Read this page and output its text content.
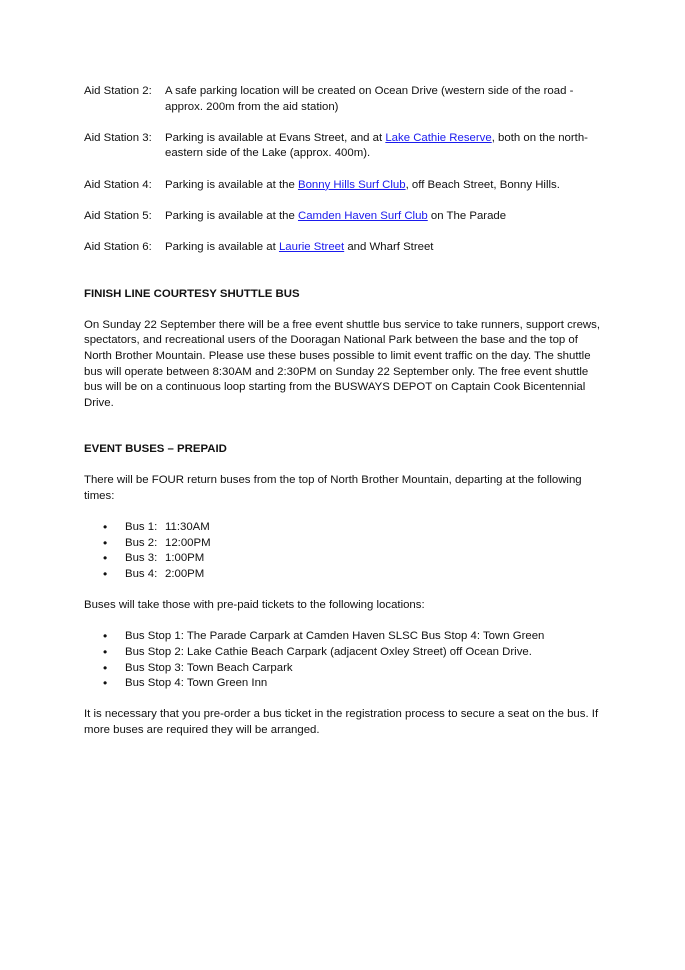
Aid Station 2:	A safe parking location will be created on Ocean Drive (western side of the road - approx. 200m from the aid station)
Aid Station 3:	Parking is available at Evans Street, and at Lake Cathie Reserve, both on the north-eastern side of the Lake (approx. 400m).
Aid Station 4:	Parking is available at the Bonny Hills Surf Club, off Beach Street, Bonny Hills.
Aid Station 5:	Parking is available at the Camden Haven Surf Club on The Parade
Aid Station 6:	Parking is available at Laurie Street and Wharf Street
FINISH LINE COURTESY SHUTTLE BUS

On Sunday 22 September there will be a free event shuttle bus service to take runners, support crews, spectators, and recreational users of the Dooragan National Park between the base and the top of North Brother Mountain. Please use these buses possible to limit event traffic on the day. The shuttle bus will operate between 8:30AM and 2:30PM on Sunday 22 September only. The free event shuttle bus will be on a continuous loop starting from the BUSWAYS DEPOT on Captain Cook Bicentennial Drive.

EVENT BUSES – PREPAID

There will be FOUR return buses from the top of North Brother Mountain, departing at the following times:

• Bus 1: 11:30AM
• Bus 2: 12:00PM
• Bus 3: 1:00PM
• Bus 4: 2:00PM

Buses will take those with pre-paid tickets to the following locations:

• Bus Stop 1: The Parade Carpark at Camden Haven SLSC Bus Stop 4: Town Green
• Bus Stop 2: Lake Cathie Beach Carpark (adjacent Oxley Street) off Ocean Drive.
• Bus Stop 3: Town Beach Carpark
• Bus Stop 4: Town Green Inn

It is necessary that you pre-order a bus ticket in the registration process to secure a seat on the bus. If more buses are required they will be arranged.
